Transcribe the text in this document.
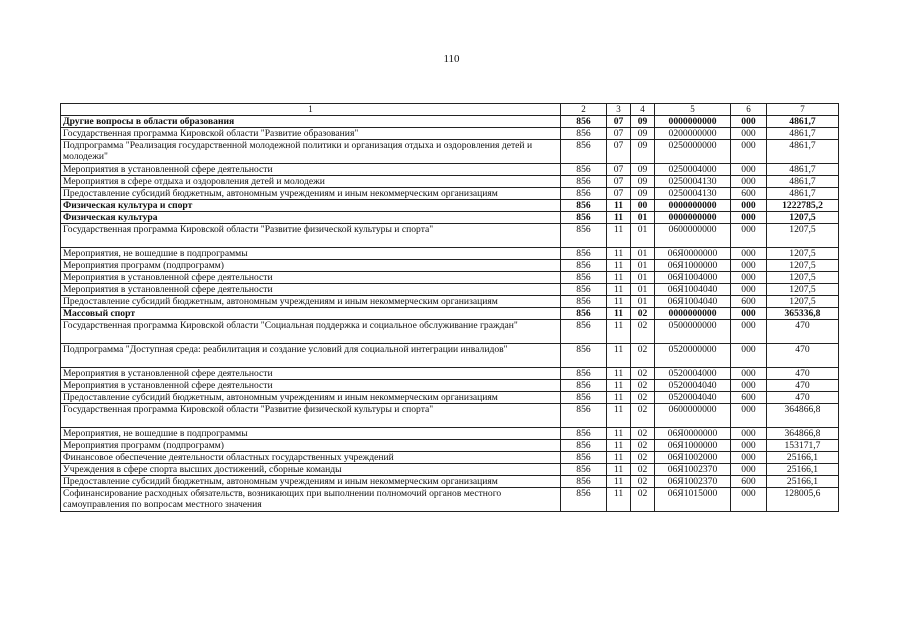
110
1	2	3	4	5	6	7
Другие вопросы в области образования	856	07	09	0000000000	000	4861,7
Государственная программа Кировской области "Развитие образования"	856	07	09	0200000000	000	4861,7
Подпрограмма "Реализация государственной молодежной политики и организация отдыха и оздоровления детей и молодежи"	856	07	09	0250000000	000	4861,7
Мероприятия в установленной сфере деятельности	856	07	09	0250004000	000	4861,7
Мероприятия в сфере отдыха и оздоровления детей и молодежи	856	07	09	0250004130	000	4861,7
Предоставление субсидий бюджетным, автономным учреждениям и иным некоммерческим организациям	856	07	09	0250004130	600	4861,7
Физическая культура и спорт	856	11	00	0000000000	000	1222785,2
Физическая культура	856	11	01	0000000000	000	1207,5
Государственная программа Кировской области "Развитие физической культуры и спорта"	856	11	01	0600000000	000	1207,5
Мероприятия, не вошедшие в подпрограммы	856	11	01	06Я0000000	000	1207,5
Мероприятия программ (подпрограмм)	856	11	01	06Я1000000	000	1207,5
Мероприятия в установленной сфере деятельности	856	11	01	06Я1004000	000	1207,5
Мероприятия в установленной сфере деятельности	856	11	01	06Я1004040	000	1207,5
Предоставление субсидий бюджетным, автономным учреждениям и иным некоммерческим организациям	856	11	01	06Я1004040	600	1207,5
Массовый спорт	856	11	02	0000000000	000	365336,8
Государственная программа Кировской области "Социальная поддержка и социальное обслуживание граждан"	856	11	02	0500000000	000	470
Подпрограмма "Доступная среда: реабилитация и создание условий для социальной интеграции инвалидов"	856	11	02	0520000000	000	470
Мероприятия в установленной сфере деятельности	856	11	02	0520004000	000	470
Мероприятия в установленной сфере деятельности	856	11	02	0520004040	000	470
Предоставление субсидий бюджетным, автономным учреждениям и иным некоммерческим организациям	856	11	02	0520004040	600	470
Государственная программа Кировской области "Развитие физической культуры и спорта"	856	11	02	0600000000	000	364866,8
Мероприятия, не вошедшие в подпрограммы	856	11	02	06Я0000000	000	364866,8
Мероприятия программ (подпрограмм)	856	11	02	06Я1000000	000	153171,7
Финансовое обеспечение деятельности областных государственных учреждений	856	11	02	06Я1002000	000	25166,1
Учреждения в сфере спорта высших достижений, сборные команды	856	11	02	06Я1002370	000	25166,1
Предоставление субсидий бюджетным, автономным учреждениям и иным некоммерческим организациям	856	11	02	06Я1002370	600	25166,1
Софинансирование расходных обязательств, возникающих при выполнении полномочий органов местного самоуправления по вопросам местного значения	856	11	02	06Я1015000	000	128005,6
